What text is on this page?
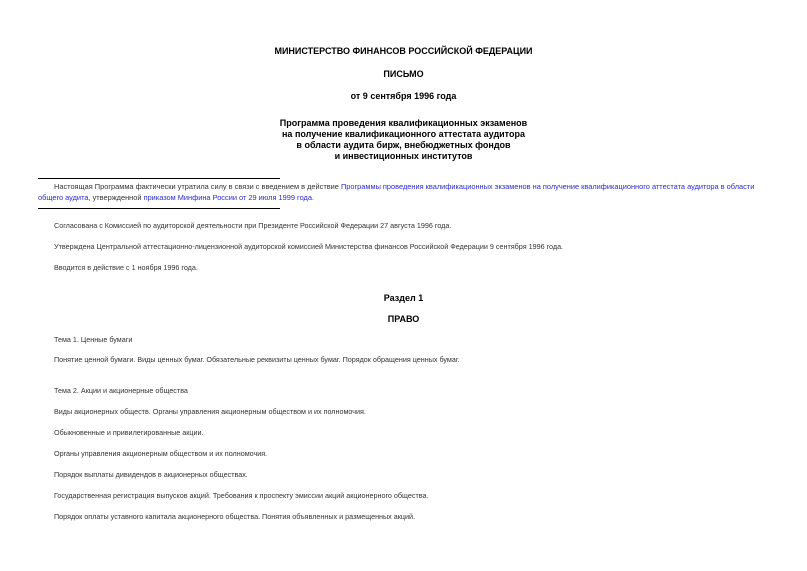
МИНИСТЕРСТВО ФИНАНСОВ РОССИЙСКОЙ ФЕДЕРАЦИИ
ПИСЬМО
от 9 сентября 1996 года
Программа проведения квалификационных экзаменов
на получение квалификационного аттестата аудитора
в области аудита бирж, внебюджетных фондов
и инвестиционных институтов
Настоящая Программа фактически утратила силу в связи с введением в действие Программы проведения квалификационных экзаменов на получение квалификационного аттестата аудитора в области общего аудита, утвержденной приказом Минфина России от 29 июля 1999 года.
Согласована с Комиссией по аудиторской деятельности при Президенте Российской Федерации 27 августа 1996 года.
Утверждена Центральной аттестационно-лицензионной аудиторской комиссией Министерства финансов Российской Федерации 9 сентября 1996 года.
Вводится в действие с 1 ноября 1996 года.
Раздел 1
ПРАВО
Тема 1. Ценные бумаги
Понятие ценной бумаги. Виды ценных бумаг. Обязательные реквизиты ценных бумаг. Порядок обращения ценных бумаг.
Тема 2. Акции и акционерные общества
Виды акционерных обществ. Органы управления акционерным обществом и их полномочия.
Обыкновенные и привилегированные акции.
Органы управления акционерным обществом и их полномочия.
Порядок выплаты дивидендов в акционерных обществах.
Государственная регистрация выпусков акций. Требования к проспекту эмиссии акций акционерного общества.
Порядок оплаты уставного капитала акционерного общества. Понятия объявленных и размещенных акций.
